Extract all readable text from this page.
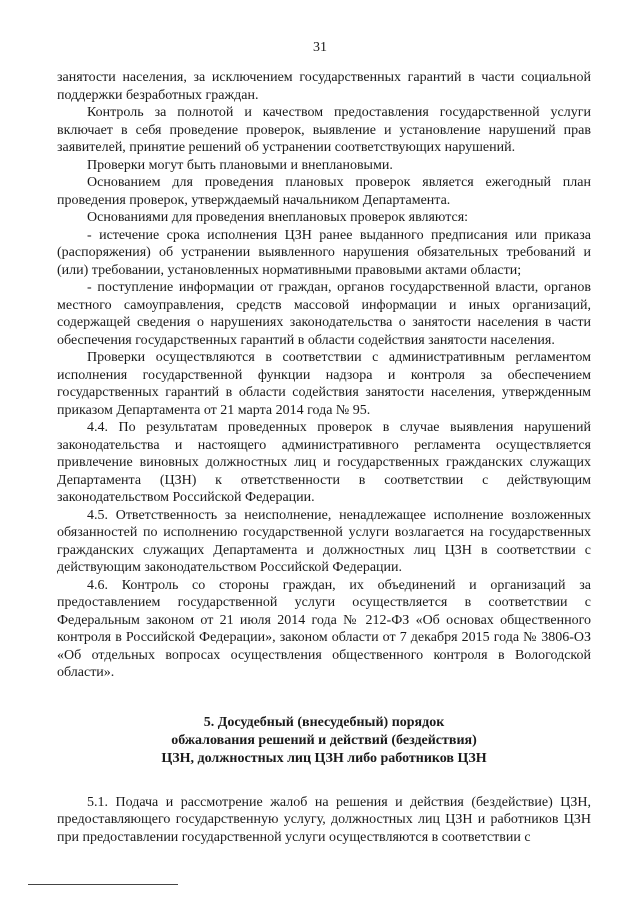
31

занятости населения, за исключением государственных гарантий в части социальной поддержки безработных граждан.

Контроль за полнотой и качеством предоставления государственной услуги включает в себя проведение проверок, выявление и установление нарушений прав заявителей, принятие решений об устранении соответствующих нарушений.

Проверки могут быть плановыми и внеплановыми.

Основанием для проведения плановых проверок является ежегодный план проведения проверок, утверждаемый начальником Департамента.

Основаниями для проведения внеплановых проверок являются:

- истечение срока исполнения ЦЗН ранее выданного предписания или приказа (распоряжения) об устранении выявленного нарушения обязательных требований и (или) требовании, установленных нормативными правовыми актами области;

- поступление информации от граждан, органов государственной власти, органов местного самоуправления, средств массовой информации и иных организаций, содержащей сведения о нарушениях законодательства о занятости населения в части обеспечения государственных гарантий в области содействия занятости населения.

Проверки осуществляются в соответствии с административным регламентом исполнения государственной функции надзора и контроля за обеспечением государственных гарантий в области содействия занятости населения, утвержденным приказом Департамента от 21 марта 2014 года № 95.

4.4. По результатам проведенных проверок в случае выявления нарушений законодательства и настоящего административного регламента осуществляется привлечение виновных должностных лиц и государственных гражданских служащих Департамента (ЦЗН) к ответственности в соответствии с действующим законодательством Российской Федерации.

4.5. Ответственность за неисполнение, ненадлежащее исполнение возложенных обязанностей по исполнению государственной услуги возлагается на государственных гражданских служащих Департамента и должностных лиц ЦЗН в соответствии с действующим законодательством Российской Федерации.

4.6. Контроль со стороны граждан, их объединений и организаций за предоставлением государственной услуги осуществляется в соответствии с Федеральным законом от 21 июля 2014 года № 212-ФЗ «Об основах общественного контроля в Российской Федерации», законом области от 7 декабря 2015 года № 3806-ОЗ «Об отдельных вопросах осуществления общественного контроля в Вологодской области».

5. Досудебный (внесудебный) порядок
обжалования решений и действий (бездействия)
ЦЗН, должностных лиц ЦЗН либо работников ЦЗН

5.1. Подача и рассмотрение жалоб на решения и действия (бездействие) ЦЗН, предоставляющего государственную услугу, должностных лиц ЦЗН и работников ЦЗН при предоставлении государственной услуги осуществляются в соответствии с
